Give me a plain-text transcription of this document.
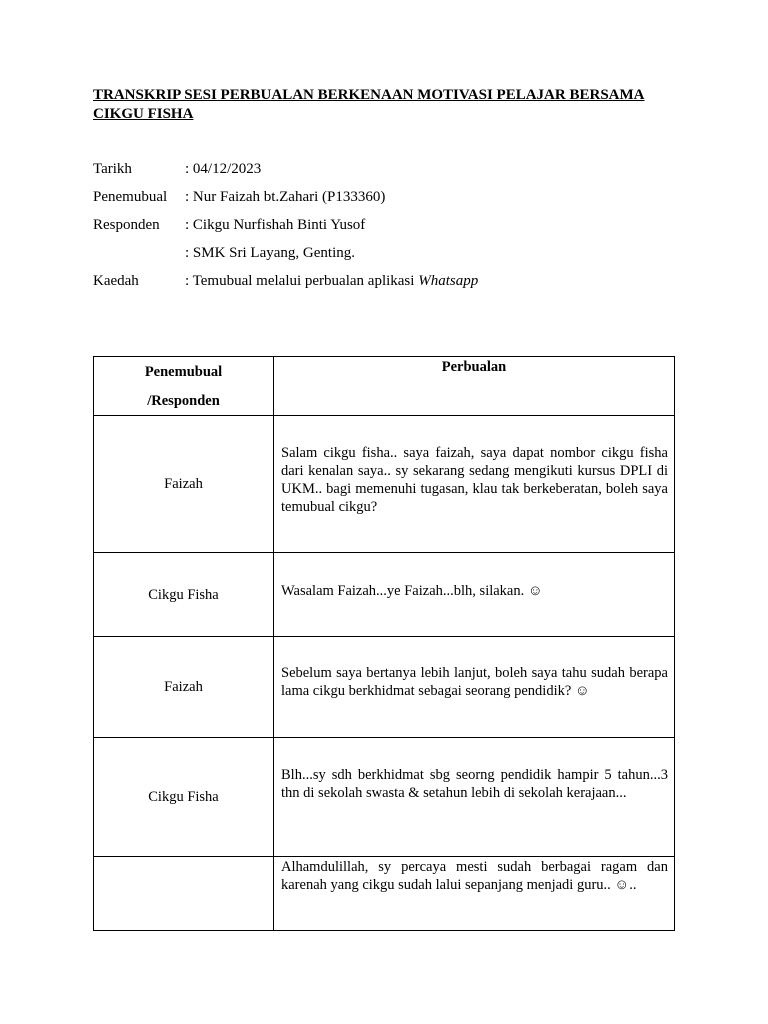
TRANSKRIP SESI PERBUALAN BERKENAAN MOTIVASI PELAJAR BERSAMA CIKGU FISHA
Tarikh	: 04/12/2023
Penemubual : Nur Faizah bt.Zahari (P133360)
Responden : Cikgu Nurfishah Binti Yusof
: SMK Sri Layang, Genting.
Kaedah	: Temubual melalui perbualan aplikasi Whatsapp
Penemubual
/Responden	Perbualan

Faizah	Salam cikgu fisha.. saya faizah, saya dapat nombor cikgu fisha dari kenalan saya.. sy sekarang sedang mengikuti kursus DPLI di UKM.. bagi memenuhi tugasan, klau tak berkeberatan, boleh saya temubual cikgu?

Cikgu Fisha	Wasalam Faizah...ye Faizah...blh, silakan. ☺

Faizah	Sebelum saya bertanya lebih lanjut, boleh saya tahu sudah berapa lama cikgu berkhidmat sebagai seorang pendidik? ☺

Cikgu Fisha	Blh...sy sdh berkhidmat sbg seorng pendidik hampir 5 tahun...3 thn di sekolah swasta & setahun lebih di sekolah kerajaan...

	Alhamdulillah, sy percaya mesti sudah berbagai ragam dan karenah yang cikgu sudah lalui sepanjang menjadi guru.. ☺..
